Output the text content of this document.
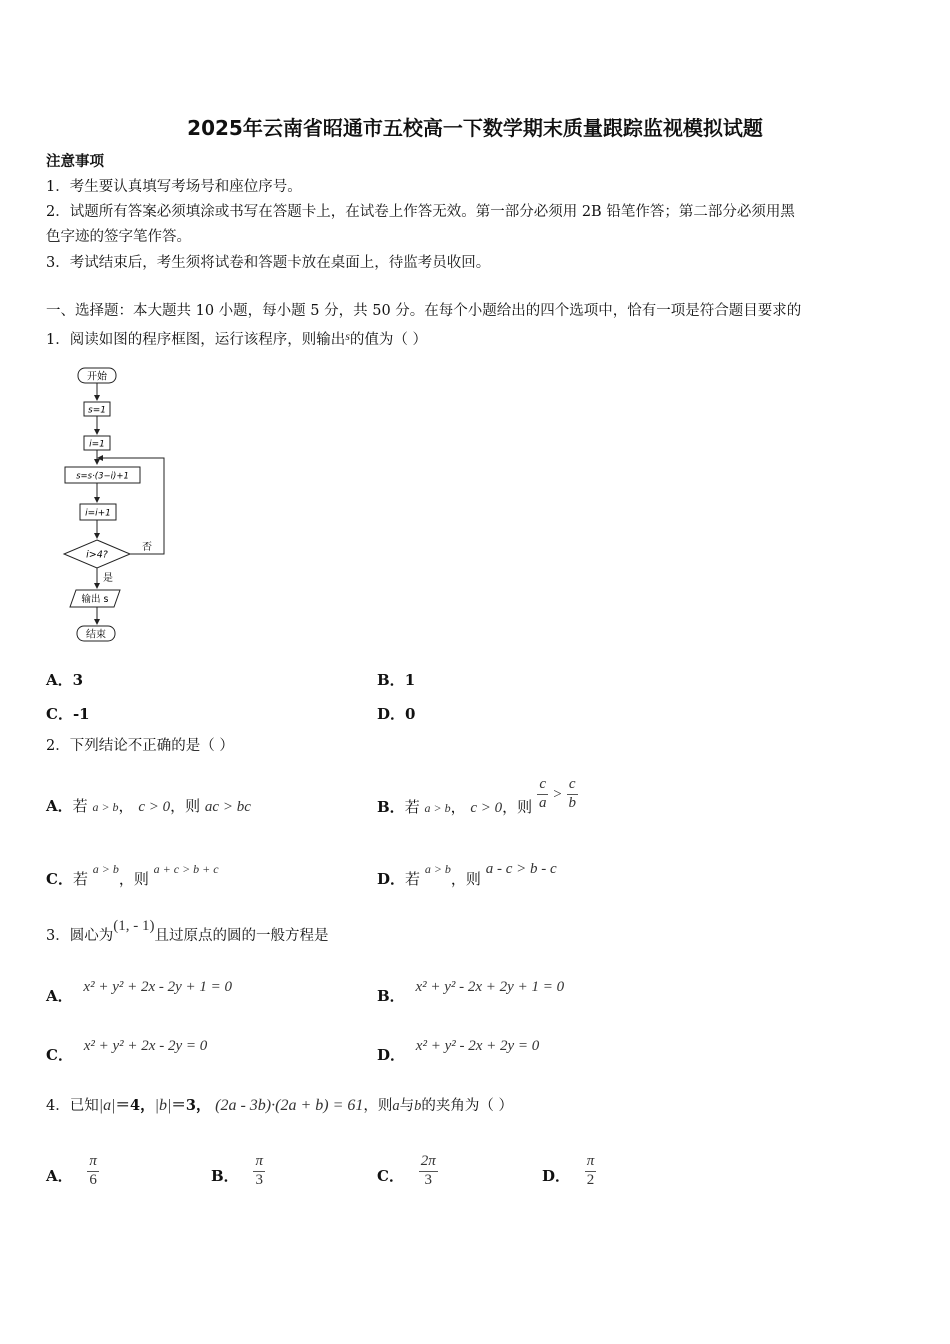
2025年云南省昭通市五校高一下数学期末质量跟踪监视模拟试题
注意事项
1．考生要认真填写考场号和座位序号。
2．试题所有答案必须填涂或书写在答题卡上，在试卷上作答无效。第一部分必须用 2B 铅笔作答；第二部分必须用黑
色字迹的签字笔作答。
3．考试结束后，考生须将试卷和答题卡放在桌面上，待监考员收回。
一、选择题：本大题共 10 小题，每小题 5 分，共 50 分。在每个小题给出的四个选项中，恰有一项是符合题目要求的
1．阅读如图的程序框图，运行该程序，则输出$^s$的值为（ ）
开始
s=1
i=1
s=s·(3−i)+1
i=i+1
i>4?
否
是
输出 s
结束
A．3	B．1
C．-1	D．0
2．下列结论不正确的是（ ）
A．若 a > b， c > 0，则 ac > bc	B．若 a > b， c > 0，则 $\frac{c}{a} > \frac{c}{b}$
C．若 a > b，则 a + c > b + c
D．若 a > b，则 a - c > b - c
3．圆心为(1, - 1)且过原点的圆的一般方程是
A． x² + y² + 2x - 2y + 1 = 0	B． x² + y² - 2x + 2y + 1 = 0
C． x² + y² + 2x - 2y = 0	D． x² + y² - 2x + 2y = 0
4．已知|a|＝4，|b|＝3， (2a - 3b)·(2a + b) = 61，则a与b的夹角为（ ）
A． $\frac{\pi}{6}$	B． $\frac{\pi}{3}$	C． $\frac{2\pi}{3}$	D． $\frac{\pi}{2}$
